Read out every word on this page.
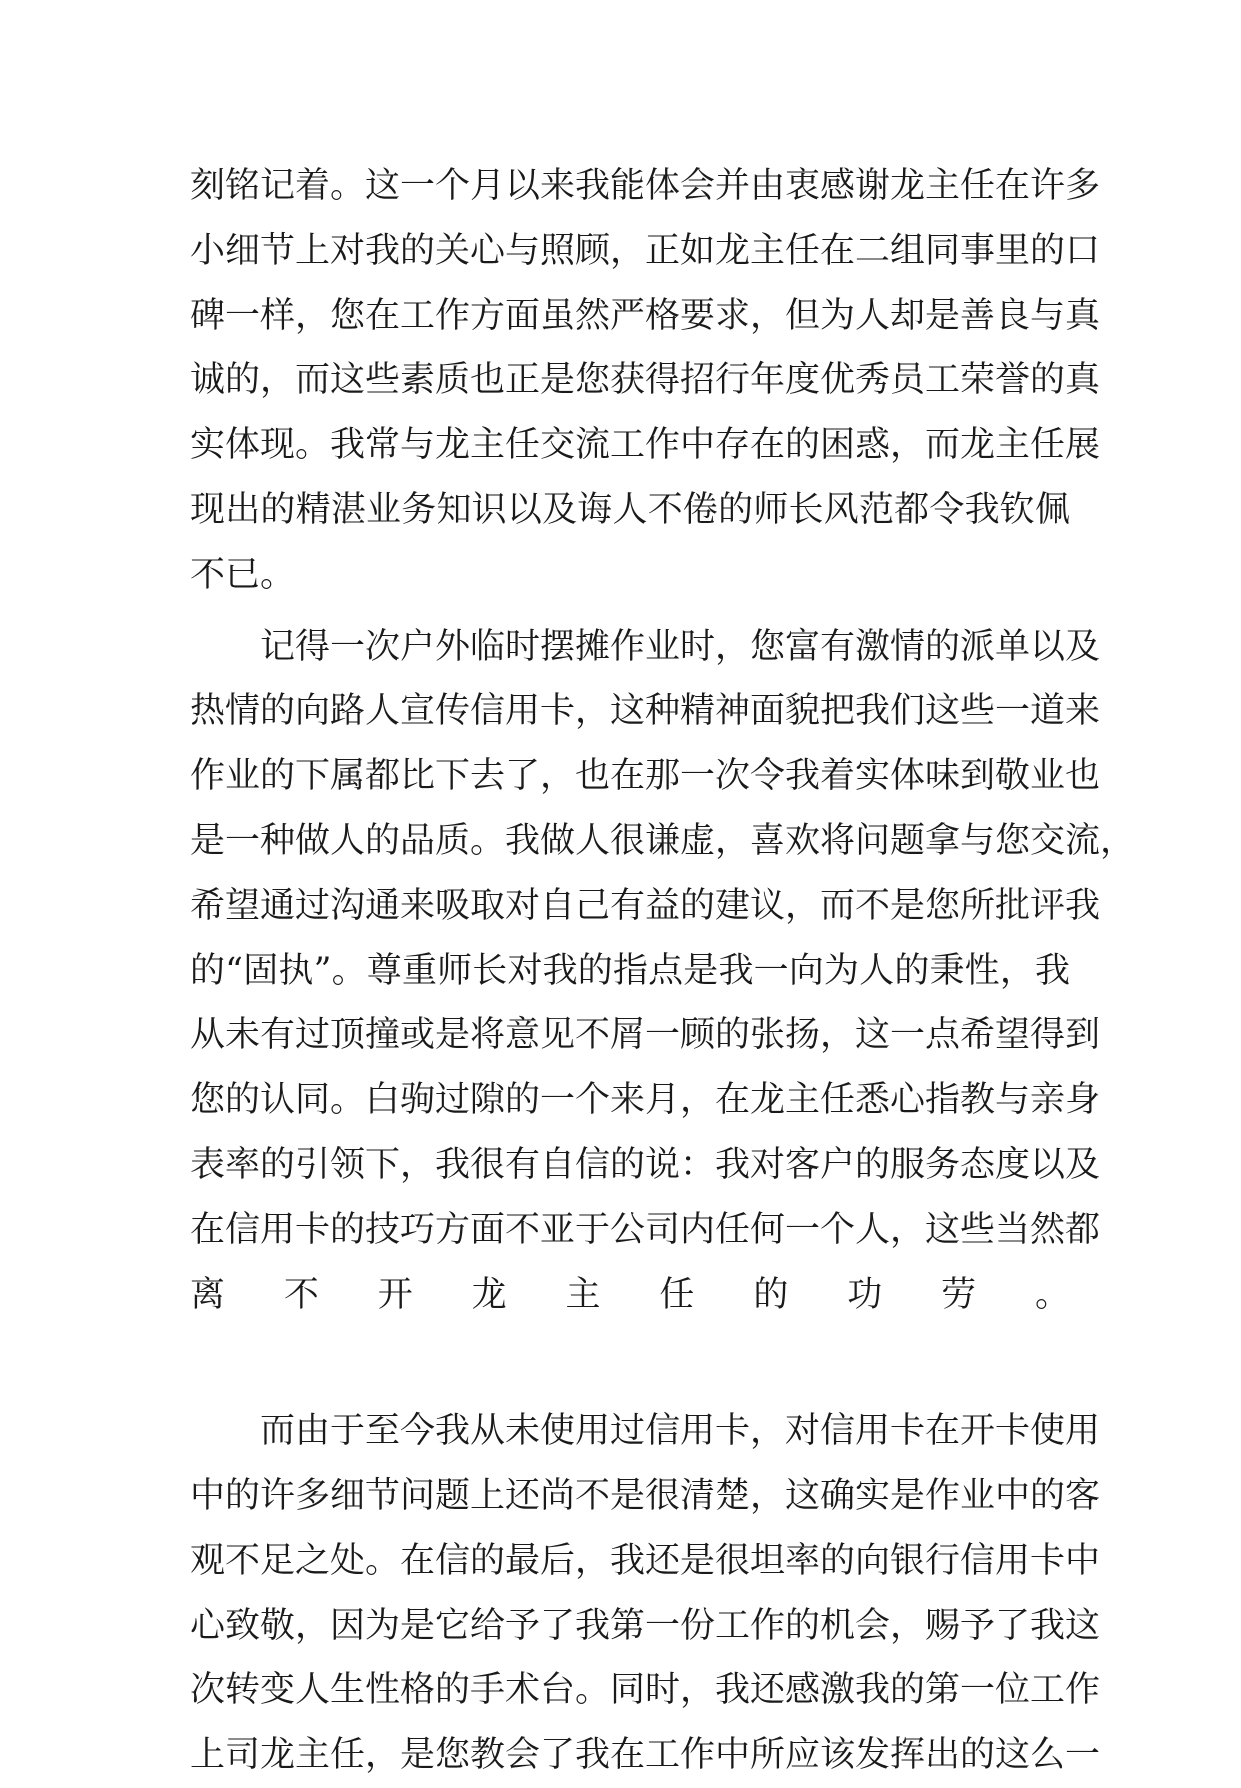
刻铭记着。这一个月以来我能体会并由衷感谢龙主任在许多
小细节上对我的关心与照顾，正如龙主任在二组同事里的口
碑一样，您在工作方面虽然严格要求，但为人却是善良与真
诚的，而这些素质也正是您获得招行年度优秀员工荣誉的真
实体现。我常与龙主任交流工作中存在的困惑，而龙主任展
现出的精湛业务知识以及诲人不倦的师长风范都令我钦佩
不已。
记得一次户外临时摆摊作业时，您富有激情的派单以及
热情的向路人宣传信用卡，这种精神面貌把我们这些一道来
作业的下属都比下去了，也在那一次令我着实体味到敬业也
是一种做人的品质。我做人很谦虚，喜欢将问题拿与您交流，
希望通过沟通来吸取对自己有益的建议，而不是您所批评我
的“固执”。尊重师长对我的指点是我一向为人的秉性，我
从未有过顶撞或是将意见不屑一顾的张扬，这一点希望得到
您的认同。白驹过隙的一个来月，在龙主任悉心指教与亲身
表率的引领下，我很有自信的说：我对客户的服务态度以及
在信用卡的技巧方面不亚于公司内任何一个人，这些当然都
离不开龙主任的功劳。
而由于至今我从未使用过信用卡，对信用卡在开卡使用
中的许多细节问题上还尚不是很清楚，这确实是作业中的客
观不足之处。在信的最后，我还是很坦率的向银行信用卡中
心致敬，因为是它给予了我第一份工作的机会，赐予了我这
次转变人生性格的手术台。同时，我还感激我的第一位工作
上司龙主任，是您教会了我在工作中所应该发挥出的这么一
